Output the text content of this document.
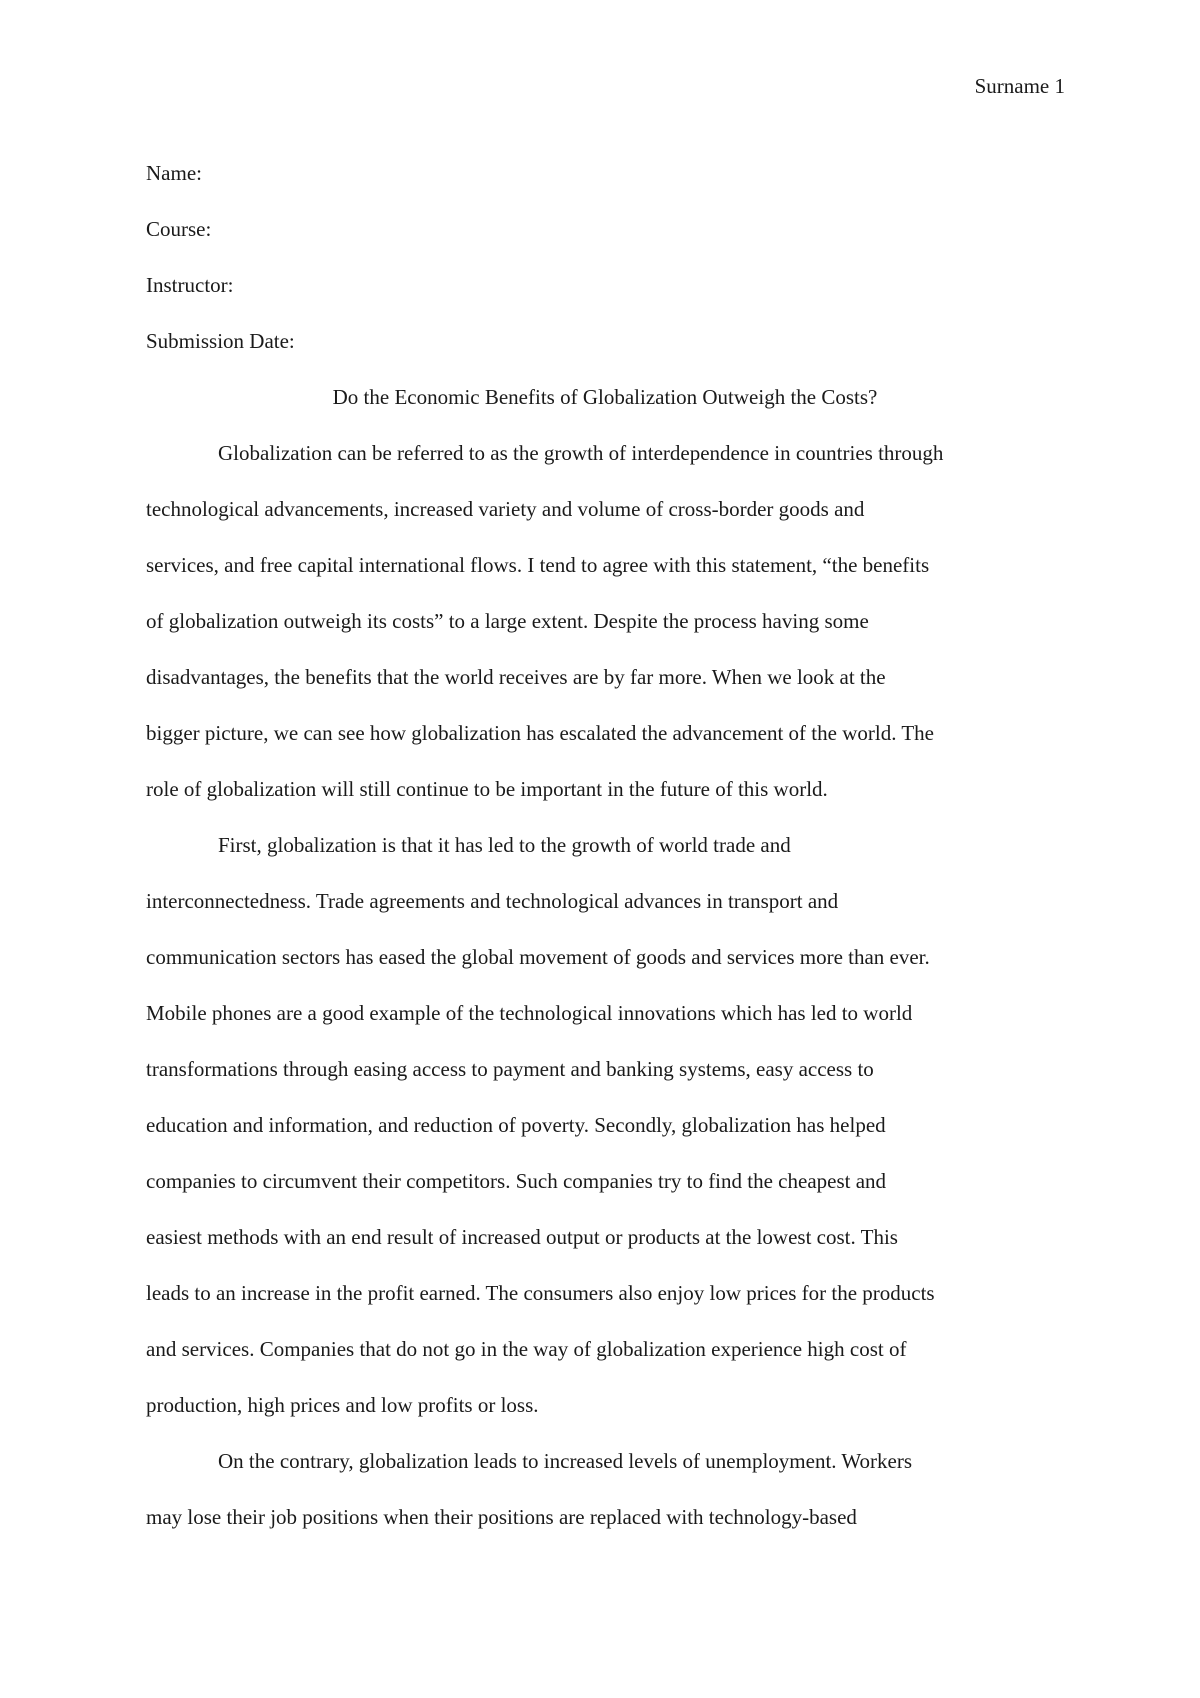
Surname 1

Name:

Course:

Instructor:

Submission Date:

Do the Economic Benefits of Globalization Outweigh the Costs?

Globalization can be referred to as the growth of interdependence in countries through
technological advancements, increased variety and volume of cross-border goods and
services, and free capital international flows. I tend to agree with this statement, “the benefits
of globalization outweigh its costs” to a large extent. Despite the process having some
disadvantages, the benefits that the world receives are by far more. When we look at the
bigger picture, we can see how globalization has escalated the advancement of the world. The
role of globalization will still continue to be important in the future of this world.

First, globalization is that it has led to the growth of world trade and
interconnectedness. Trade agreements and technological advances in transport and
communication sectors has eased the global movement of goods and services more than ever.
Mobile phones are a good example of the technological innovations which has led to world
transformations through easing access to payment and banking systems, easy access to
education and information, and reduction of poverty. Secondly, globalization has helped
companies to circumvent their competitors. Such companies try to find the cheapest and
easiest methods with an end result of increased output or products at the lowest cost. This
leads to an increase in the profit earned. The consumers also enjoy low prices for the products
and services. Companies that do not go in the way of globalization experience high cost of
production, high prices and low profits or loss.

On the contrary, globalization leads to increased levels of unemployment. Workers
may lose their job positions when their positions are replaced with technology-based
